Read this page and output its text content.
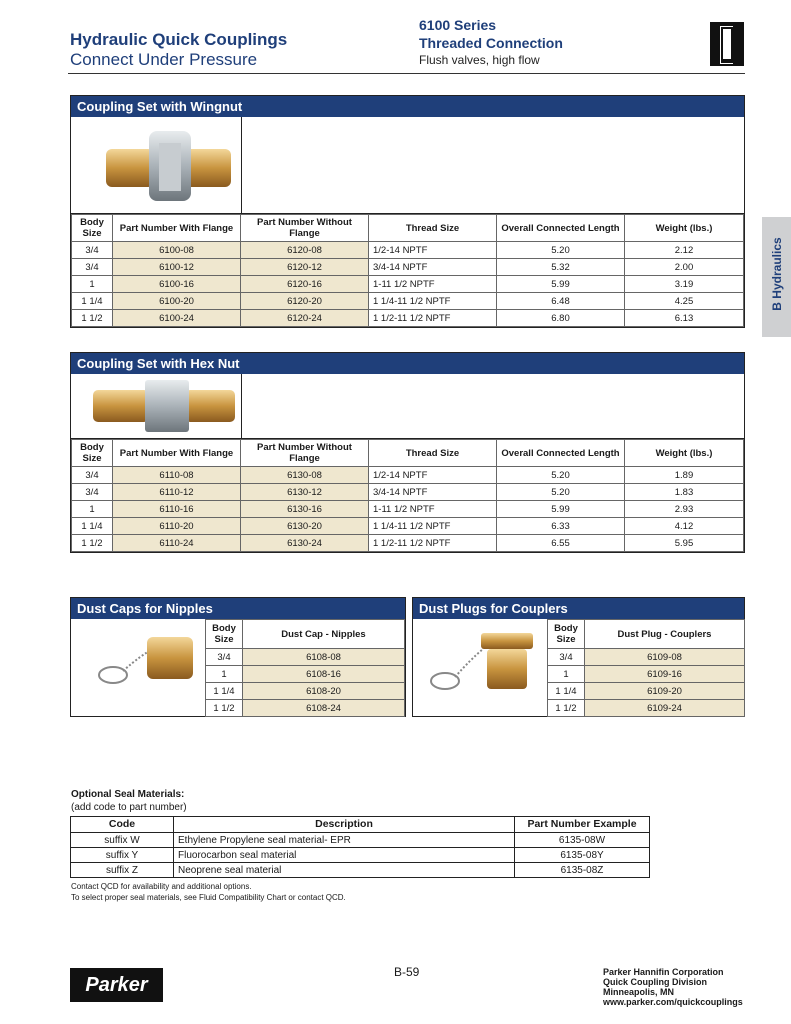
Hydraulic Quick Couplings
Connect Under Pressure
6100 Series
Threaded Connection
Flush valves, high flow
B Hydraulics
Coupling Set with Wingnut
Body Size	Part Number With Flange	Part Number Without Flange	Thread Size	Overall Connected Length	Weight (lbs.)
3/4	6100-08	6120-08	1/2-14 NPTF	5.20	2.12
3/4	6100-12	6120-12	3/4-14 NPTF	5.32	2.00
1	6100-16	6120-16	1-11 1/2 NPTF	5.99	3.19
1 1/4	6100-20	6120-20	1 1/4-11 1/2 NPTF	6.48	4.25
1 1/2	6100-24	6120-24	1 1/2-11 1/2 NPTF	6.80	6.13
Coupling Set with Hex Nut
Body Size	Part Number With Flange	Part Number Without Flange	Thread Size	Overall Connected Length	Weight (lbs.)
3/4	6110-08	6130-08	1/2-14 NPTF	5.20	1.89
3/4	6110-12	6130-12	3/4-14 NPTF	5.20	1.83
1	6110-16	6130-16	1-11 1/2 NPTF	5.99	2.93
1 1/4	6110-20	6130-20	1 1/4-11 1/2 NPTF	6.33	4.12
1 1/2	6110-24	6130-24	1 1/2-11 1/2 NPTF	6.55	5.95
Dust Caps for Nipples
Body Size	Dust Cap - Nipples
3/4	6108-08
1	6108-16
1 1/4	6108-20
1 1/2	6108-24
Dust Plugs for Couplers
Body Size	Dust Plug - Couplers
3/4	6109-08
1	6109-16
1 1/4	6109-20
1 1/2	6109-24
Optional Seal Materials:
(add code to part number)
Code	Description	Part Number Example
suffix W	Ethylene Propylene seal material- EPR	6135-08W
suffix Y	Fluorocarbon seal material	6135-08Y
suffix Z	Neoprene seal material	6135-08Z
Contact QCD for availability and additional options.
To select proper seal materials, see Fluid Compatibility Chart or contact QCD.
Parker
B-59	Parker Hannifin Corporation
Quick Coupling Division
Minneapolis, MN
www.parker.com/quickcouplings
